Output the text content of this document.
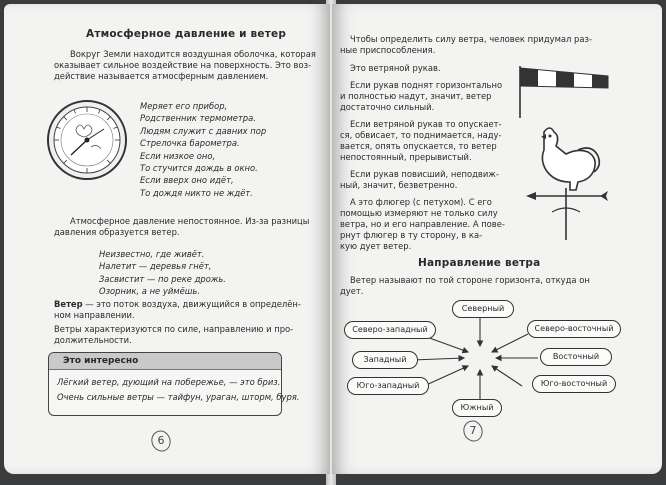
Атмосферное давление и ветер
Вокруг Земли находится воздушная оболочка, которая
оказывает сильное воздействие на поверхность. Это воз-
действие называется атмосферным давлением.
Меряет его прибор,
Родственник термометра.
Людям служит с давних пор
Стрелочка барометра.
Если низкое оно,
То стучится дождь в окно.
Если вверх оно идёт,
То дождя никто не ждёт.
Атмосферное давление непостоянное. Из-за разницы
давления образуется ветер.
Неизвестно, где живёт.
Налетит — деревья гнёт,
Засвистит — по реке дрожь.
Озорник, а не уймёшь.
Ветер — это поток воздуха, движущийся в определён-
ном направлении.
Ветры характеризуются по силе, направлению и про-
должительности.
Это интересно
Лёгкий ветер, дующий на побережье, — это бриз.
Очень сильные ветры — тайфун, ураган, шторм, буря.
6
Чтобы определить силу ветра, человек придумал раз-
ные приспособления.
Это ветряной рукав.
Если рукав поднят горизонтально
и полностью надут, значит, ветер
достаточно сильный.
Если ветряной рукав то опускает-
ся, обвисает, то поднимается, наду-
вается, опять опускается, то ветер
непостоянный, прерывистый.
Если рукав повисший, неподвиж-
ный, значит, безветренно.
А это флюгер (с петухом). С его
помощью измеряют не только силу
ветра, но и его направление. А пове-
рнут флюгер в ту сторону, в ка-
кую дует ветер.
Направление ветра
Ветер называют по той стороне горизонта, откуда он
дует.
Северный
Северо-западный	Северо-восточный
Западный	Восточный
Юго-западный	Юго-восточный
Южный
7
